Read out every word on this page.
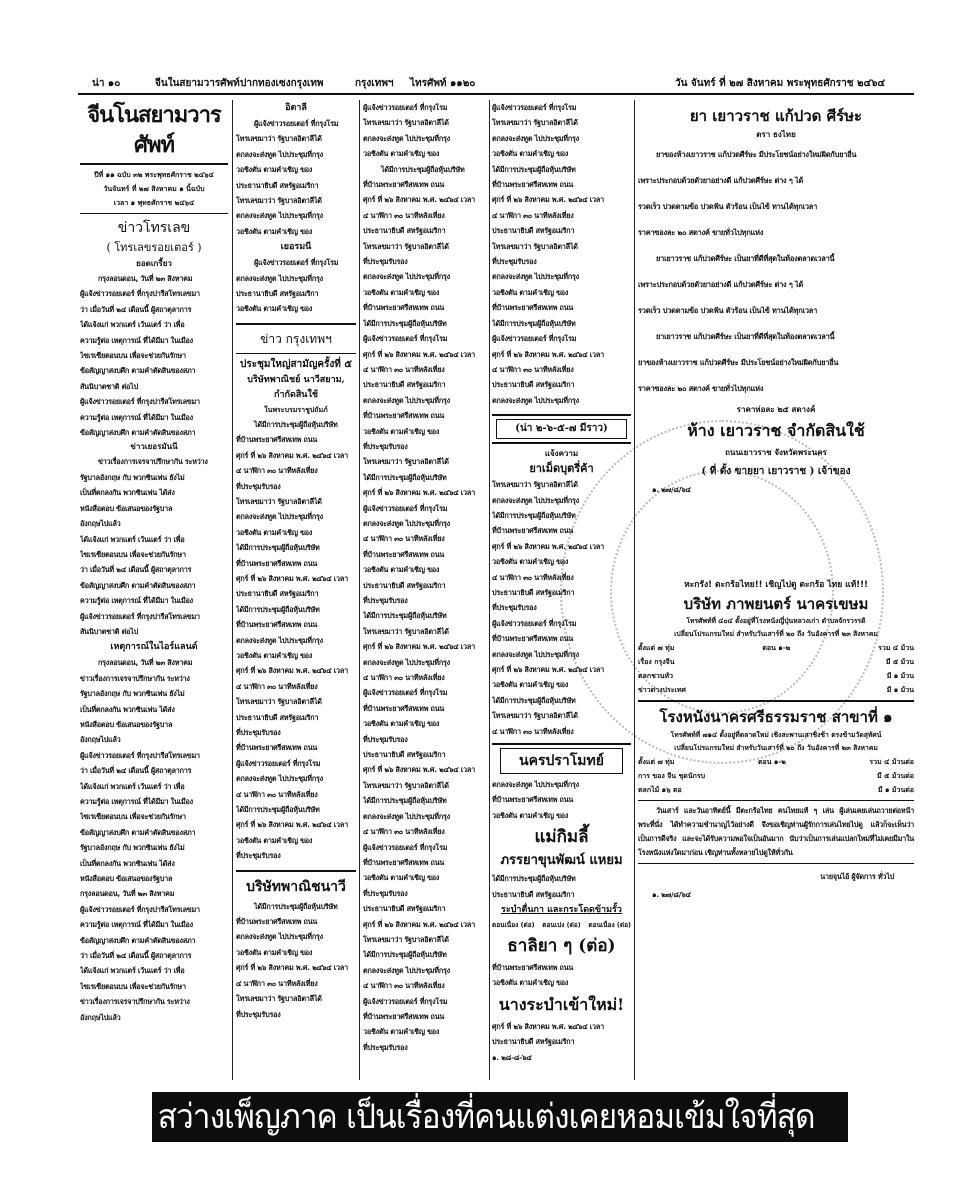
น่า ๑๐	จีนในสยามวารศัพท์ ปากทองเซงกรุงเทพ	กรุงเทพฯ ไทรศัพท์ ๑๑๒๐	วัน จันทร์ ที่ ๒๗ สิงหาคม พระพุทธศักราช ๒๔๖๔
จีนโนสยามวารศัพท์
ปีที่ ๑๑ ฉบับ ๓๒ พระพุทธศักราช ๒๔๖๔
วันจันทร์ ที่ ๒๗ สิงหาคม ๑ นิ้ฉบับ
เวลา ๑ พุทธศักราช ๒๔๖๔
ข่าวโทรเลข
( โทรเลขรอยเตอร์ )
ยอดเกรี้ยว

กรุงลอนดอน, วันที่ ๒๓ สิงหาคม

ผู้แจ้งข่าวรอยเตอร์ ที่กรุงปารีสโทรเลขมา
ว่า เมื่อวันที่ ๒๔ เดือนนี้ ผู้สถาตุลาการ
ได้แจ้งแก่ พวกแตร์ เว้นแตร์ ว่า เพื่อ
ความรู้ต่อ เหตุการณ์ ที่ได้มีมา ในเมือง
ไซเรเซียตอนบน เพื่อจะช่วยกันรักษา
ข้อสัญญาสงบศึก ตามคำตัดสินของสภา
สันนิบาตชาติ ต่อไป
ผู้แจ้งข่าวรอยเตอร์ ที่กรุงปารีสโทรเลขมา
ความรู้ต่อ เหตุการณ์ ที่ได้มีมา ในเมือง
ข้อสัญญาสงบศึก ตามคำตัดสินของสภา
ข่าวเยอรมันนี

ข่าวเรื่องการเจรจาปรึกษากัน ระหว่าง

รัฐบาลอังกฤษ กับ พวกซินเฟน ยังไม่
เป็นที่ตกลงกัน พวกซินเฟน ได้ส่ง
หนังสือตอบ ข้อเสนอของรัฐบาล
อังกฤษไปแล้ว
ได้แจ้งแก่ พวกแตร์ เว้นแตร์ ว่า เพื่อ
ไซเรเซียตอนบน เพื่อจะช่วยกันรักษา
ว่า เมื่อวันที่ ๒๔ เดือนนี้ ผู้สถาตุลาการ
ข้อสัญญาสงบศึก ตามคำตัดสินของสภา
ความรู้ต่อ เหตุการณ์ ที่ได้มีมา ในเมือง
ผู้แจ้งข่าวรอยเตอร์ ที่กรุงปารีสโทรเลขมา
สันนิบาตชาติ ต่อไป
เหตุการณ์ในไอร์แลนด์

กรุงลอนดอน, วันที่ ๒๓ สิงหาคม

ข่าวเรื่องการเจรจาปรึกษากัน ระหว่าง
รัฐบาลอังกฤษ กับ พวกซินเฟน ยังไม่
เป็นที่ตกลงกัน พวกซินเฟน ได้ส่ง
หนังสือตอบ ข้อเสนอของรัฐบาล
อังกฤษไปแล้ว
ผู้แจ้งข่าวรอยเตอร์ ที่กรุงปารีสโทรเลขมา
ว่า เมื่อวันที่ ๒๔ เดือนนี้ ผู้สถาตุลาการ
ได้แจ้งแก่ พวกแตร์ เว้นแตร์ ว่า เพื่อ
ความรู้ต่อ เหตุการณ์ ที่ได้มีมา ในเมือง
ไซเรเซียตอนบน เพื่อจะช่วยกันรักษา
ข้อสัญญาสงบศึก ตามคำตัดสินของสภา
รัฐบาลอังกฤษ กับ พวกซินเฟน ยังไม่
เป็นที่ตกลงกัน พวกซินเฟน ได้ส่ง
หนังสือตอบ ข้อเสนอของรัฐบาล
กรุงลอนดอน, วันที่ ๒๓ สิงหาคม
ผู้แจ้งข่าวรอยเตอร์ ที่กรุงปารีสโทรเลขมา
ความรู้ต่อ เหตุการณ์ ที่ได้มีมา ในเมือง
ข้อสัญญาสงบศึก ตามคำตัดสินของสภา
ว่า เมื่อวันที่ ๒๔ เดือนนี้ ผู้สถาตุลาการ
ได้แจ้งแก่ พวกแตร์ เว้นแตร์ ว่า เพื่อ
ไซเรเซียตอนบน เพื่อจะช่วยกันรักษา
ข่าวเรื่องการเจรจาปรึกษากัน ระหว่าง
อังกฤษไปแล้ว
อิตาลี

ผู้แจ้งข่าวรอยเตอร์ ที่กรุงโรม

โทรเลขมาว่า รัฐบาลอิตาลีได้
ตกลงจะส่งทูต ไปประชุมที่กรุง
วอชิงตัน ตามคำเชิญ ของ
ประธานาธิบดี สหรัฐอเมริกา
โทรเลขมาว่า รัฐบาลอิตาลีได้
ตกลงจะส่งทูต ไปประชุมที่กรุง
วอชิงตัน ตามคำเชิญ ของ
เยอรมนี

ผู้แจ้งข่าวรอยเตอร์ ที่กรุงโรม

ตกลงจะส่งทูต ไปประชุมที่กรุง
ประธานาธิบดี สหรัฐอเมริกา
วอชิงตัน ตามคำเชิญ ของ
ข่าว กรุงเทพฯ
ประชุมใหญ่สามัญครั้งที่ ๕
บริษัทพาณิชย์ นาวีสยาม, กำกัดสินใช้
ในพระบรมราชูปถัมภ์

ได้มีการประชุมผู้ถือหุ้นบริษัท

ที่บ้านพระยาศรีสหเทพ ถนน
ศุกร์ ที่ ๒๖ สิงหาคม พ.ศ. ๒๔๖๔ เวลา
๔ นาฬิกา ๓๐ นาทีหลังเที่ยง
ที่ประชุมรับรอง
โทรเลขมาว่า รัฐบาลอิตาลีได้
ตกลงจะส่งทูต ไปประชุมที่กรุง
วอชิงตัน ตามคำเชิญ ของ
ได้มีการประชุมผู้ถือหุ้นบริษัท
ที่บ้านพระยาศรีสหเทพ ถนน
ศุกร์ ที่ ๒๖ สิงหาคม พ.ศ. ๒๔๖๔ เวลา
ประธานาธิบดี สหรัฐอเมริกา
ได้มีการประชุมผู้ถือหุ้นบริษัท
ที่บ้านพระยาศรีสหเทพ ถนน
ตกลงจะส่งทูต ไปประชุมที่กรุง
วอชิงตัน ตามคำเชิญ ของ
ศุกร์ ที่ ๒๖ สิงหาคม พ.ศ. ๒๔๖๔ เวลา
๔ นาฬิกา ๓๐ นาทีหลังเที่ยง
โทรเลขมาว่า รัฐบาลอิตาลีได้
ประธานาธิบดี สหรัฐอเมริกา
ที่ประชุมรับรอง
ที่บ้านพระยาศรีสหเทพ ถนน
ผู้แจ้งข่าวรอยเตอร์ ที่กรุงโรม
ตกลงจะส่งทูต ไปประชุมที่กรุง
๔ นาฬิกา ๓๐ นาทีหลังเที่ยง
ได้มีการประชุมผู้ถือหุ้นบริษัท
ศุกร์ ที่ ๒๖ สิงหาคม พ.ศ. ๒๔๖๔ เวลา
วอชิงตัน ตามคำเชิญ ของ
ที่ประชุมรับรอง
บริษัทพาณิชนาวี

ได้มีการประชุมผู้ถือหุ้นบริษัท

ที่บ้านพระยาศรีสหเทพ ถนน
ตกลงจะส่งทูต ไปประชุมที่กรุง
วอชิงตัน ตามคำเชิญ ของ
ศุกร์ ที่ ๒๖ สิงหาคม พ.ศ. ๒๔๖๔ เวลา
๔ นาฬิกา ๓๐ นาทีหลังเที่ยง
โทรเลขมาว่า รัฐบาลอิตาลีได้
ที่ประชุมรับรอง
ผู้แจ้งข่าวรอยเตอร์ ที่กรุงโรม
โทรเลขมาว่า รัฐบาลอิตาลีได้
ตกลงจะส่งทูต ไปประชุมที่กรุง
วอชิงตัน ตามคำเชิญ ของ

ได้มีการประชุมผู้ถือหุ้นบริษัท

ที่บ้านพระยาศรีสหเทพ ถนน
ศุกร์ ที่ ๒๖ สิงหาคม พ.ศ. ๒๔๖๔ เวลา
๔ นาฬิกา ๓๐ นาทีหลังเที่ยง
ประธานาธิบดี สหรัฐอเมริกา
โทรเลขมาว่า รัฐบาลอิตาลีได้
ที่ประชุมรับรอง
ตกลงจะส่งทูต ไปประชุมที่กรุง
วอชิงตัน ตามคำเชิญ ของ
ที่บ้านพระยาศรีสหเทพ ถนน
ได้มีการประชุมผู้ถือหุ้นบริษัท
ผู้แจ้งข่าวรอยเตอร์ ที่กรุงโรม
ศุกร์ ที่ ๒๖ สิงหาคม พ.ศ. ๒๔๖๔ เวลา
๔ นาฬิกา ๓๐ นาทีหลังเที่ยง
ประธานาธิบดี สหรัฐอเมริกา
ตกลงจะส่งทูต ไปประชุมที่กรุง
ที่บ้านพระยาศรีสหเทพ ถนน
วอชิงตัน ตามคำเชิญ ของ
ที่ประชุมรับรอง
โทรเลขมาว่า รัฐบาลอิตาลีได้
ได้มีการประชุมผู้ถือหุ้นบริษัท
ศุกร์ ที่ ๒๖ สิงหาคม พ.ศ. ๒๔๖๔ เวลา
ผู้แจ้งข่าวรอยเตอร์ ที่กรุงโรม
ตกลงจะส่งทูต ไปประชุมที่กรุง
๔ นาฬิกา ๓๐ นาทีหลังเที่ยง
ที่บ้านพระยาศรีสหเทพ ถนน
วอชิงตัน ตามคำเชิญ ของ
ประธานาธิบดี สหรัฐอเมริกา
ที่ประชุมรับรอง
ได้มีการประชุมผู้ถือหุ้นบริษัท
โทรเลขมาว่า รัฐบาลอิตาลีได้
ศุกร์ ที่ ๒๖ สิงหาคม พ.ศ. ๒๔๖๔ เวลา
ตกลงจะส่งทูต ไปประชุมที่กรุง
๔ นาฬิกา ๓๐ นาทีหลังเที่ยง
ผู้แจ้งข่าวรอยเตอร์ ที่กรุงโรม
ที่บ้านพระยาศรีสหเทพ ถนน
วอชิงตัน ตามคำเชิญ ของ
ที่ประชุมรับรอง
ประธานาธิบดี สหรัฐอเมริกา
ศุกร์ ที่ ๒๖ สิงหาคม พ.ศ. ๒๔๖๔ เวลา
โทรเลขมาว่า รัฐบาลอิตาลีได้
ได้มีการประชุมผู้ถือหุ้นบริษัท
ตกลงจะส่งทูต ไปประชุมที่กรุง
๔ นาฬิกา ๓๐ นาทีหลังเที่ยง
ผู้แจ้งข่าวรอยเตอร์ ที่กรุงโรม
ที่บ้านพระยาศรีสหเทพ ถนน
วอชิงตัน ตามคำเชิญ ของ
ที่ประชุมรับรอง
ประธานาธิบดี สหรัฐอเมริกา
ศุกร์ ที่ ๒๖ สิงหาคม พ.ศ. ๒๔๖๔ เวลา
โทรเลขมาว่า รัฐบาลอิตาลีได้
ได้มีการประชุมผู้ถือหุ้นบริษัท
ตกลงจะส่งทูต ไปประชุมที่กรุง
๔ นาฬิกา ๓๐ นาทีหลังเที่ยง
ผู้แจ้งข่าวรอยเตอร์ ที่กรุงโรม
ที่บ้านพระยาศรีสหเทพ ถนน
วอชิงตัน ตามคำเชิญ ของ
ที่ประชุมรับรอง
ผู้แจ้งข่าวรอยเตอร์ ที่กรุงโรม
โทรเลขมาว่า รัฐบาลอิตาลีได้
ตกลงจะส่งทูต ไปประชุมที่กรุง
วอชิงตัน ตามคำเชิญ ของ
ได้มีการประชุมผู้ถือหุ้นบริษัท
ที่บ้านพระยาศรีสหเทพ ถนน
ศุกร์ ที่ ๒๖ สิงหาคม พ.ศ. ๒๔๖๔ เวลา
๔ นาฬิกา ๓๐ นาทีหลังเที่ยง
ประธานาธิบดี สหรัฐอเมริกา
โทรเลขมาว่า รัฐบาลอิตาลีได้
ที่ประชุมรับรอง
ตกลงจะส่งทูต ไปประชุมที่กรุง
วอชิงตัน ตามคำเชิญ ของ
ที่บ้านพระยาศรีสหเทพ ถนน
ได้มีการประชุมผู้ถือหุ้นบริษัท
ผู้แจ้งข่าวรอยเตอร์ ที่กรุงโรม
ศุกร์ ที่ ๒๖ สิงหาคม พ.ศ. ๒๔๖๔ เวลา
๔ นาฬิกา ๓๐ นาทีหลังเที่ยง
ประธานาธิบดี สหรัฐอเมริกา
ตกลงจะส่งทูต ไปประชุมที่กรุง
(น่า ๒-๖-๕-๗ มีราว)
แจ้งความ
ยาเม็ดบุตรี่ค้า
โทรเลขมาว่า รัฐบาลอิตาลีได้
ตกลงจะส่งทูต ไปประชุมที่กรุง
ได้มีการประชุมผู้ถือหุ้นบริษัท
ที่บ้านพระยาศรีสหเทพ ถนน
ศุกร์ ที่ ๒๖ สิงหาคม พ.ศ. ๒๔๖๔ เวลา
วอชิงตัน ตามคำเชิญ ของ
๔ นาฬิกา ๓๐ นาทีหลังเที่ยง
ประธานาธิบดี สหรัฐอเมริกา
ที่ประชุมรับรอง
ผู้แจ้งข่าวรอยเตอร์ ที่กรุงโรม
ที่บ้านพระยาศรีสหเทพ ถนน
ตกลงจะส่งทูต ไปประชุมที่กรุง
ศุกร์ ที่ ๒๖ สิงหาคม พ.ศ. ๒๔๖๔ เวลา
วอชิงตัน ตามคำเชิญ ของ
ได้มีการประชุมผู้ถือหุ้นบริษัท
โทรเลขมาว่า รัฐบาลอิตาลีได้
๔ นาฬิกา ๓๐ นาทีหลังเที่ยง
นครปราโมทย์
ตกลงจะส่งทูต ไปประชุมที่กรุง
ที่บ้านพระยาศรีสหเทพ ถนน
วอชิงตัน ตามคำเชิญ ของ
แม่กิมลี้
ภรรยาขุนพัฒน์ แหยม
ได้มีการประชุมผู้ถือหุ้นบริษัท
ประธานาธิบดี สหรัฐอเมริกา
ระบำตื่นกา และกระโดดข้ามรั้ว
ตอนเนื่อง (ต่อ) ตอนเบ่ง (ต่อ) ตอนเนื่อง (ต่อ)
ธาลิยา ๆ (ต่อ)
ที่บ้านพระยาศรีสหเทพ ถนน
วอชิงตัน ตามคำเชิญ ของ
นางระบำเข้าใหม่!
ศุกร์ ที่ ๒๖ สิงหาคม พ.ศ. ๒๔๖๔ เวลา
ประธานาธิบดี สหรัฐอเมริกา
๑. ๒๘-๘-๖๔
ยา เยาวราช แก้ปวด ศีร์ษะ
ตรา ธงไทย

ยาของห้างเยาวราช แก้ปวดศีร์ษะ มีประโยชน์อย่างใหม่ผิดกับยาอื่น

เพราะประกอบด้วยตัวยาอย่างดี แก้ปวดศีร์ษะ ต่าง ๆ ได้
รวดเร็ว ปวดตามข้อ ปวดฟัน ตัวร้อน เป็นไข้ ทานได้ทุกเวลา
ราคาซองละ ๒๐ สตางค์ ขายทั่วไปทุกแห่ง

ยาเยาวราช แก้ปวดศีร์ษะ เป็นยาที่ดีที่สุดในท้องตลาดเวลานี้

เพราะประกอบด้วยตัวยาอย่างดี แก้ปวดศีร์ษะ ต่าง ๆ ได้
รวดเร็ว ปวดตามข้อ ปวดฟัน ตัวร้อน เป็นไข้ ทานได้ทุกเวลา

ยาเยาวราช แก้ปวดศีร์ษะ เป็นยาที่ดีที่สุดในท้องตลาดเวลานี้

ยาของห้างเยาวราช แก้ปวดศีร์ษะ มีประโยชน์อย่างใหม่ผิดกับยาอื่น
ราคาซองละ ๒๐ สตางค์ ขายทั่วไปทุกแห่ง
ราคาห่อละ ๒๕ สตางค์
ห้าง เยาวราช จำกัดสินใช้
ถนนเยาวราช จังหวัดพระนคร
( ที่ ตั้ง ขายยา เยาวราช ) เจ้าของ
๑. ๒๗/๘/๖๔
หะกรัง! ตะกร้อไทย!! เชิญไปดู ตะกร้อ ไทย แท้!!!
บริษัท ภาพยนตร์ นาครเขษม
โทรศัพท์ที่ ๔๐๔ ตั้งอยู่ที่โรงหนังญี่ปุ่นหลวงเก่า ตำบลจักรวรรดิ
เปลี่ยนโปรแกรมใหม่ สำหรับวันเสาร์ที่ ๒๐ ถึง วันอังคารที่ ๒๓ สิงหาคม
ตั้งแต่ ๗ ทุ่ม	ตอน ๑-๒	รวม ๔ ม้วน
เรื่อง กรุงจีน	มี ๕ ม้วน
ตลกชวนหัว	มี ๑ ม้วน
ข่าวต่างประเทศ	มี ๑ ม้วน
โรงหนังนาครศรีธรรมราช สาขาที่ ๑
โทรศัพท์ที่ ๗๑๔ ตั้งอยู่ที่ตลาดใหม่ เชิงสะพานเสาชิงช้า ตรงข้ามวัดสุทัศน์
เปลี่ยนโปรแกรมใหม่ สำหรับวันเสาร์ที่ ๒๐ ถึง วันอังคารที่ ๒๓ สิงหาคม
ตั้งแต่ ๗ ทุ่ม	ตอน ๑-๒	รวม ๔ ม้วนต่อ
การ ของ จีน ชุดนักรบ	มี ๕ ม้วนต่อ
ตลกไม้ ๑๖ ตอ	มี ๑ ม้วนต่อ

วันเสาร์ และวันอาทิตย์นี้ มีตะกร้อไทย คนไทยแท้ ๆ เล่น ผู้เล่นเคยเล่นถวายต่อหน้าพระที่นั่ง ได้ทำความชำนาญไว้อย่างดี จึงขอเชิญท่านผู้รักการเล่นไทยไปดู แล้วก็จะเห็นว่าเป็นการดีจริง และจะได้รับความพอใจเป็นอันมาก นับว่าเป็นการเล่นแปลกใหม่ที่ไม่เคยมีมาในโรงหนังแห่งใดมาก่อน เชิญท่านทั้งหลายไปดูให้ทั่วกัน

นายจุนไอ้ ผู้จัดการ ทั่วไป
๑. ๒๗/๘/๖๔
สว่างเพ็ญภาค เป็นเรื่องที่คนแต่งเคยหอมเข้มใจที่สุด
